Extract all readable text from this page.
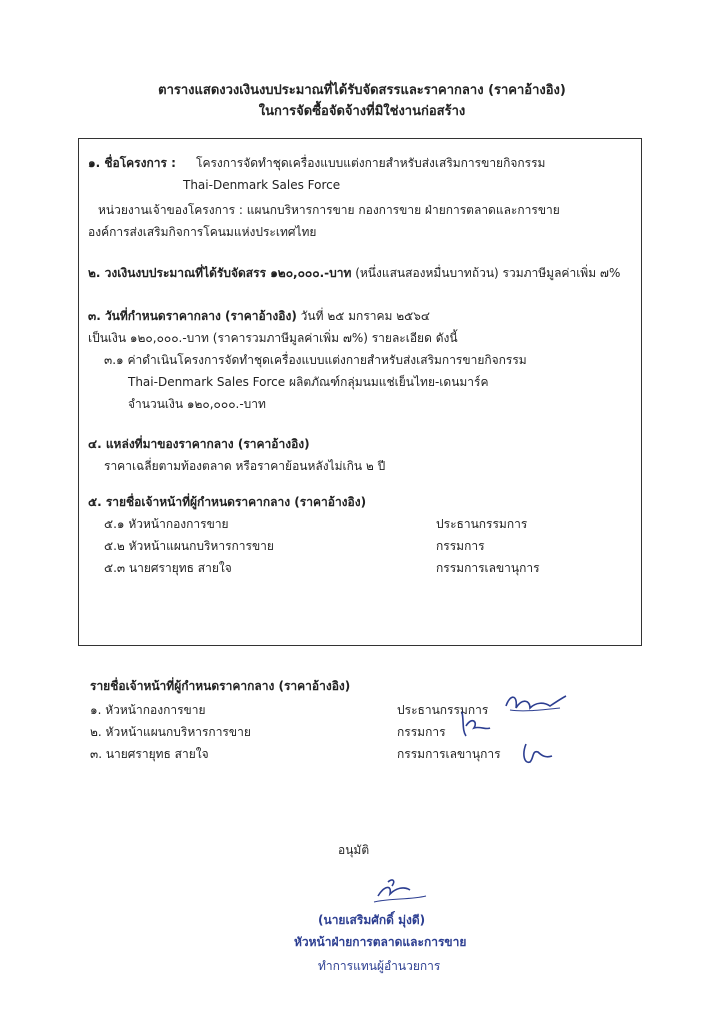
ตารางแสดงวงเงินงบประมาณที่ได้รับจัดสรรและราคากลาง (ราคาอ้างอิง)
ในการจัดซื้อจัดจ้างที่มิใช่งานก่อสร้าง
๑. ชื่อโครงการ : โครงการจัดทำชุดเครื่องแบบแต่งกายสำหรับส่งเสริมการขายกิจกรรม
Thai-Denmark Sales Force
หน่วยงานเจ้าของโครงการ : แผนกบริหารการขาย กองการขาย ฝ่ายการตลาดและการขาย
องค์การส่งเสริมกิจการโคนมแห่งประเทศไทย
๒. วงเงินงบประมาณที่ได้รับจัดสรร ๑๒๐,๐๐๐.-บาท (หนึ่งแสนสองหมื่นบาทถ้วน) รวมภาษีมูลค่าเพิ่ม ๗%
๓. วันที่กำหนดราคากลาง (ราคาอ้างอิง) วันที่ ๒๕ มกราคม ๒๕๖๔
เป็นเงิน ๑๒๐,๐๐๐.-บาท (ราคารวมภาษีมูลค่าเพิ่ม ๗%) รายละเอียด ดังนี้
๓.๑ ค่าดำเนินโครงการจัดทำชุดเครื่องแบบแต่งกายสำหรับส่งเสริมการขายกิจกรรม
Thai-Denmark Sales Force ผลิตภัณฑ์กลุ่มนมแช่เย็นไทย-เดนมาร์ค
จำนวนเงิน ๑๒๐,๐๐๐.-บาท
๔. แหล่งที่มาของราคากลาง (ราคาอ้างอิง)
ราคาเฉลี่ยตามท้องตลาด หรือราคาย้อนหลังไม่เกิน ๒ ปี
๕. รายชื่อเจ้าหน้าที่ผู้กำหนดราคากลาง (ราคาอ้างอิง)
๕.๑ หัวหน้ากองการขาย	ประธานกรรมการ
๕.๒ หัวหน้าแผนกบริหารการขาย	กรรมการ
๕.๓ นายศรายุทธ สายใจ	กรรมการเลขานุการ
รายชื่อเจ้าหน้าที่ผู้กำหนดราคากลาง (ราคาอ้างอิง)
๑. หัวหน้ากองการขาย	ประธานกรรมการ
๒. หัวหน้าแผนกบริหารการขาย	กรรมการ
๓. นายศรายุทธ สายใจ	กรรมการเลขานุการ
อนุมัติ
(นายเสริมศักดิ์ มุ่งดี)
หัวหน้าฝ่ายการตลาดและการขาย
ทำการแทนผู้อำนวยการ
